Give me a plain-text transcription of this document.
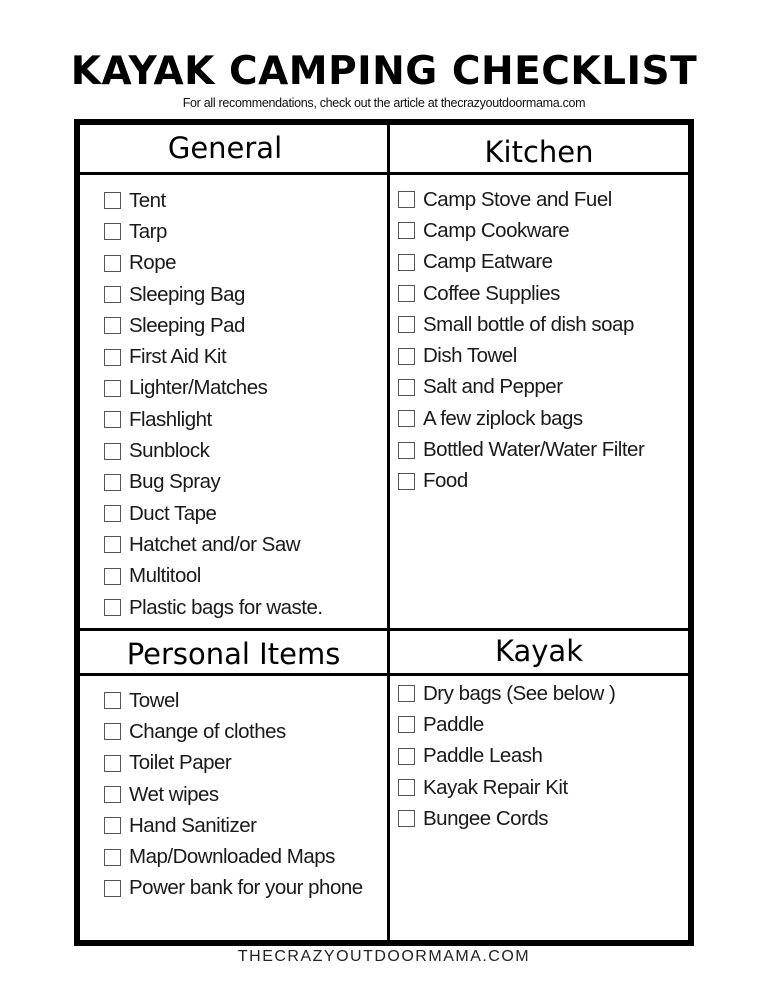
KAYAK CAMPING CHECKLIST
For all recommendations, check out the article at thecrazyoutdoormama.com
General
Tent
Tarp
Rope
Sleeping Bag
Sleeping Pad
First Aid Kit
Lighter/Matches
Flashlight
Sunblock
Bug Spray
Duct Tape
Hatchet and/or Saw
Multitool
Plastic bags for waste.
Kitchen
Camp Stove and Fuel
Camp Cookware
Camp Eatware
Coffee Supplies
Small bottle of dish soap
Dish Towel
Salt and Pepper
A few ziplock bags
Bottled Water/Water Filter
Food
Personal Items
Towel
Change of clothes
Toilet Paper
Wet wipes
Hand Sanitizer
Map/Downloaded Maps
Power bank for your phone
Kayak
Dry bags (See below )
Paddle
Paddle Leash
Kayak Repair Kit
Bungee Cords
THECRAZYOUTDOORMAMA.COM
